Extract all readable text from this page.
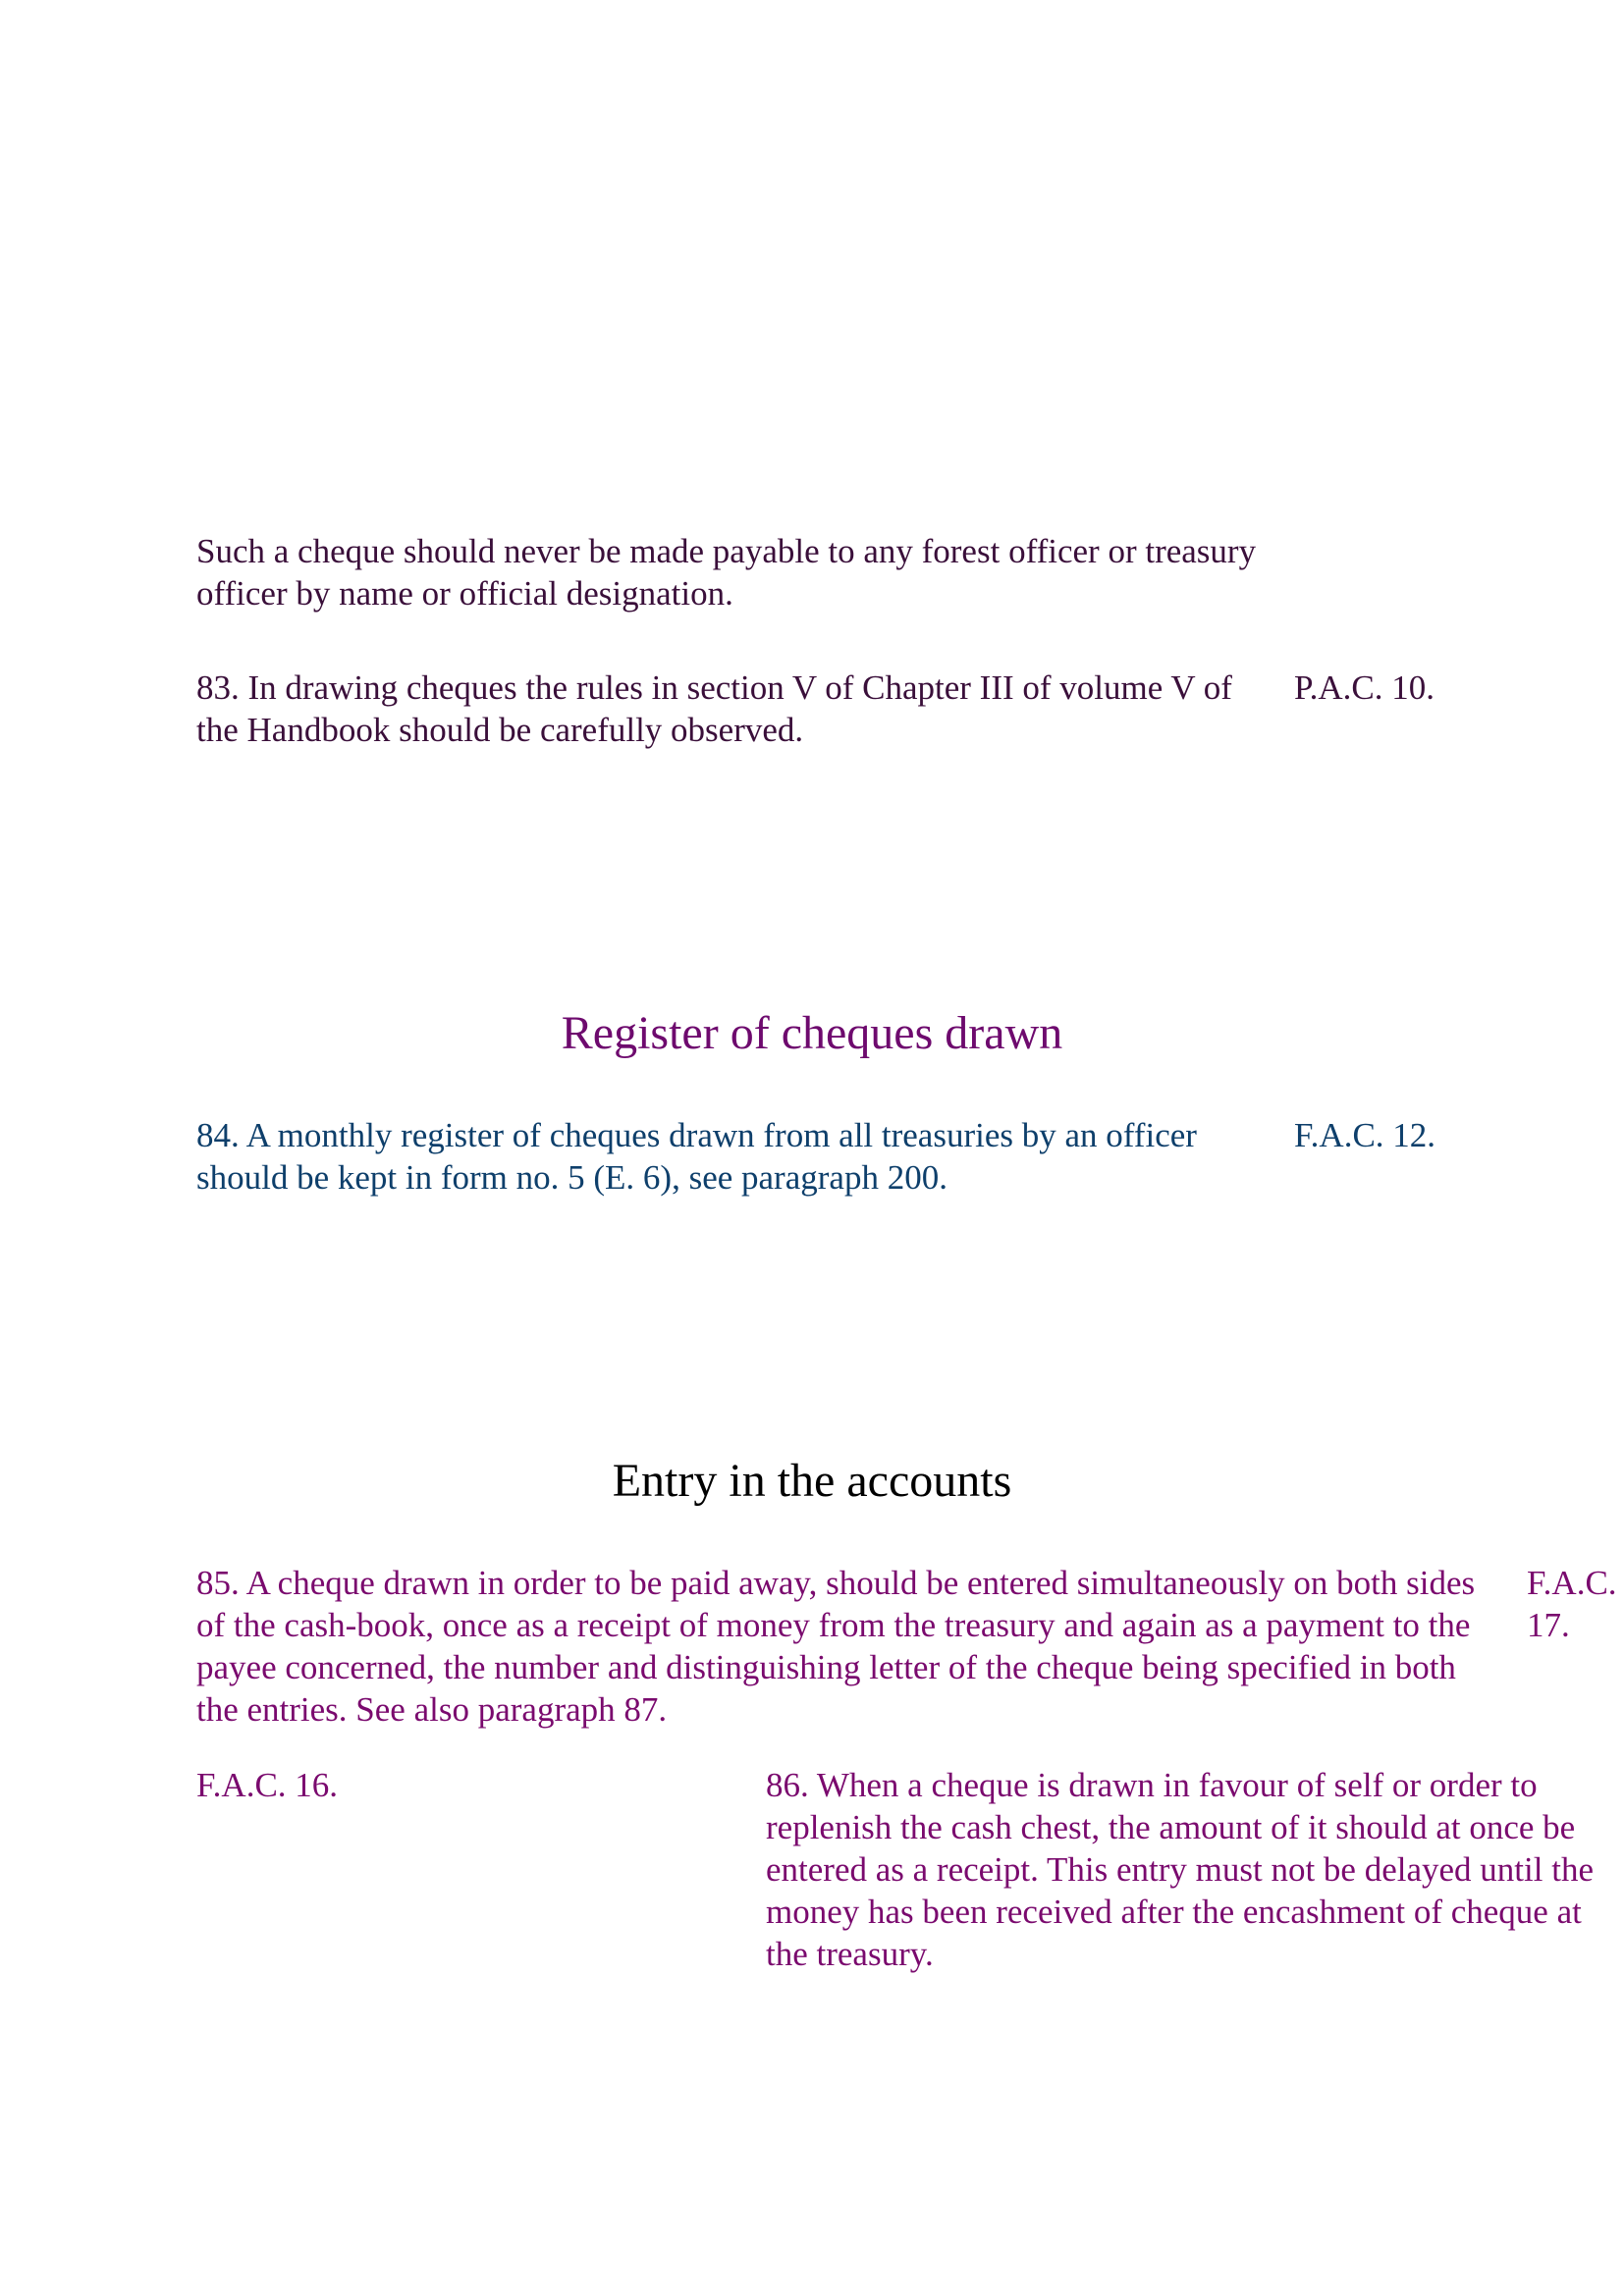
Such a cheque should never be made payable to any forest officer or treasury officer by name or official designation.

83. In drawing cheques the rules in section V of Chapter III of volume V of the Handbook should be carefully observed.

P.A.C. 10.

Register of cheques drawn

84. A monthly register of cheques drawn from all treasuries by an officer should be kept in form no. 5 (E. 6), see paragraph 200.

F.A.C. 12.

Entry in the accounts

85. A cheque drawn in order to be paid away, should be entered simultaneously on both sides of the cash-book, once as a receipt of money from the treasury and again as a payment to the payee concerned, the number and distinguishing letter of the cheque being specified in both the entries. See also paragraph 87.

F.A.C. 17.

F.A.C. 16.	86. When a cheque is drawn in favour of self or order to replenish the cash chest, the amount of it should at once be entered as a receipt. This entry must not be delayed until the money has been received after the encashment of cheque at the treasury.
